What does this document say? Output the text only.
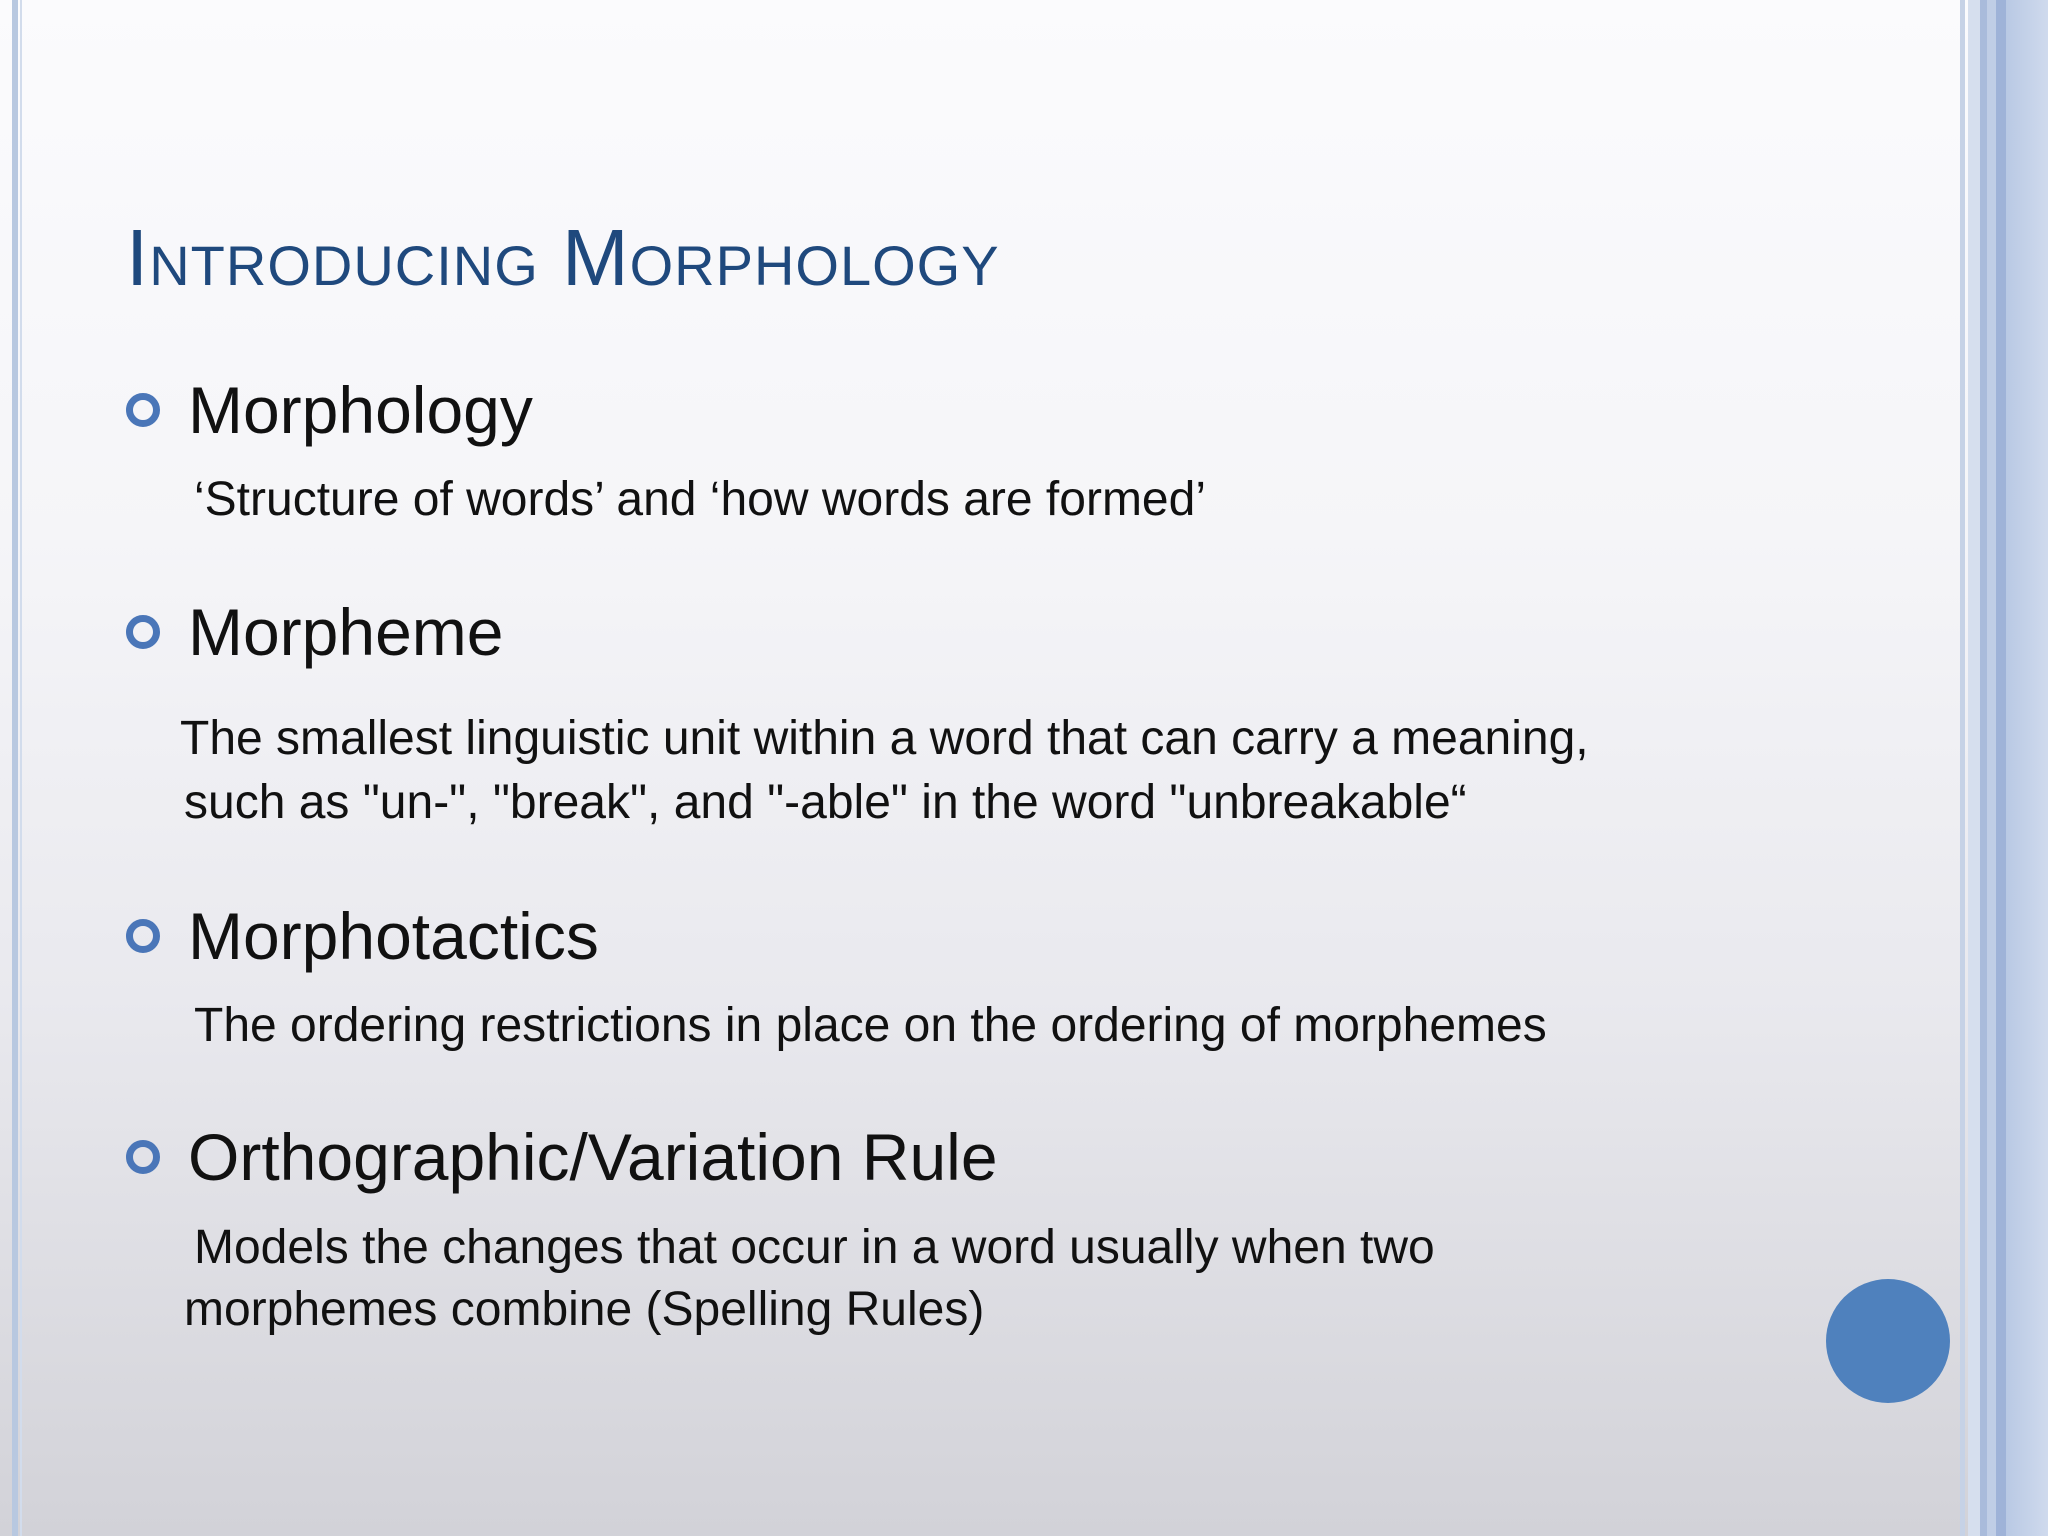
Introducing Morphology
Morphology
‘Structure of words’ and ‘how words are formed’
Morpheme
The smallest linguistic unit within a word that can carry a meaning,
such as "un-", "break", and "-able" in the word "unbreakable“
Morphotactics
The ordering restrictions in place on the ordering of morphemes
Orthographic/Variation Rule
Models the changes that occur in a word usually when two
morphemes combine (Spelling Rules)
